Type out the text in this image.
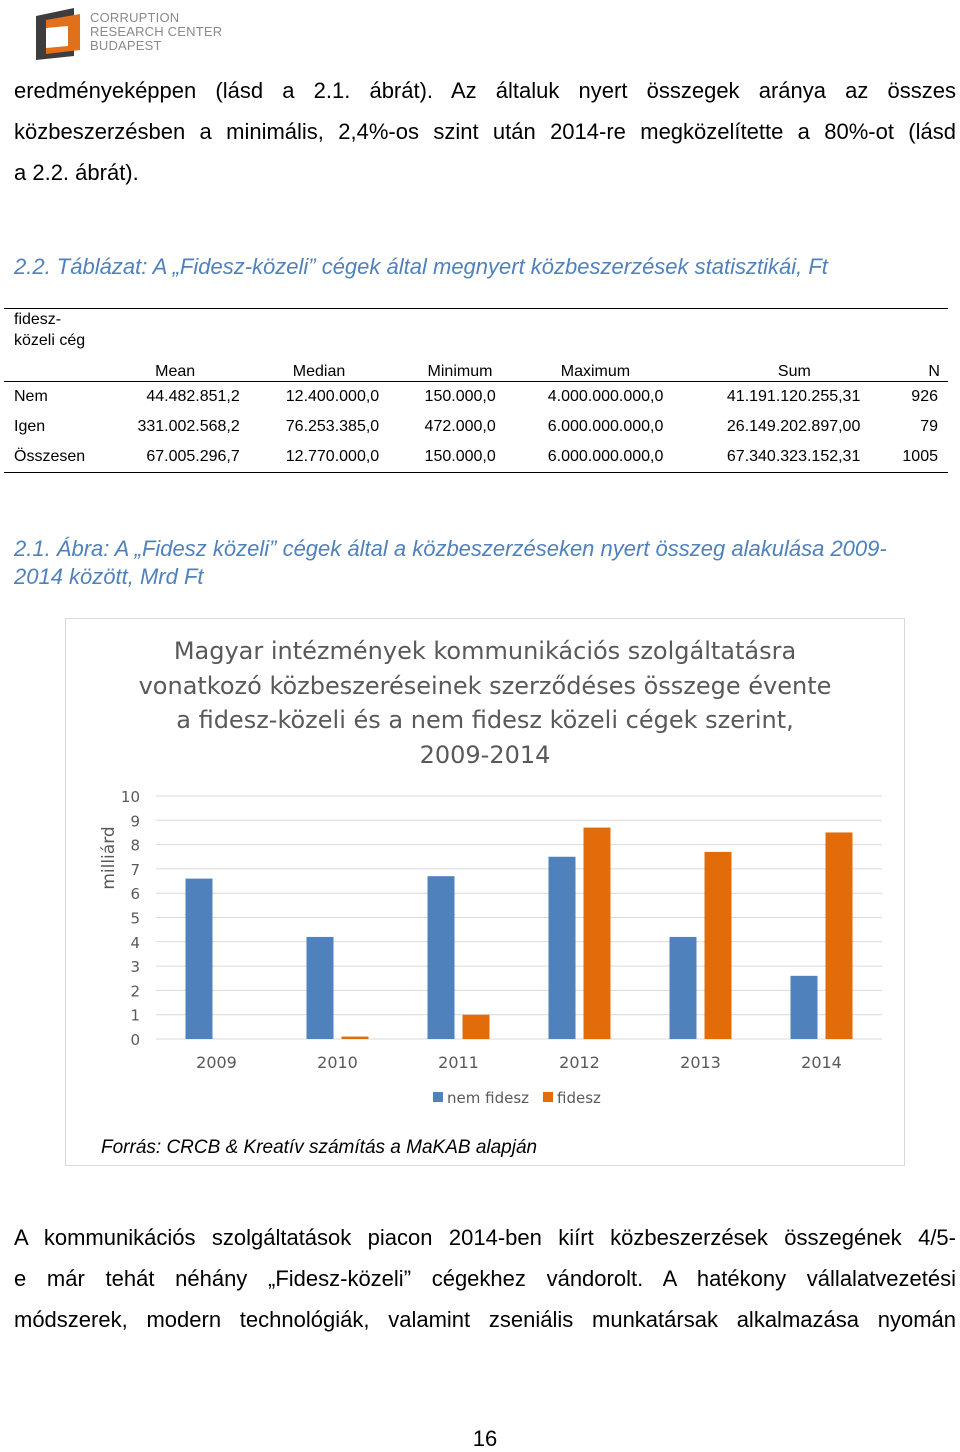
CORRUPTION
RESEARCH CENTER
BUDAPEST
eredményeképpen (lásd a 2.1. ábrát). Az általuk nyert összegek aránya az összes
közbeszerzésben a minimális, 2,4%-os szint után 2014-re megközelítette a 80%-ot (lásd
a 2.2. ábrát).
2.2. Táblázat: A „Fidesz-közeli” cégek által megnyert közbeszerzések statisztikái, Ft
fidesz-
közeli cég						

	Mean	Median	Minimum	Maximum	Sum	N
Nem	44.482.851,2	12.400.000,0	150.000,0	4.000.000.000,0	41.191.120.255,31	926
Igen	331.002.568,2	76.253.385,0	472.000,0	6.000.000.000,0	26.149.202.897,00	79
Összesen	67.005.296,7	12.770.000,0	150.000,0	6.000.000.000,0	67.340.323.152,31	1005
2.1. Ábra: A „Fidesz közeli” cégek által a közbeszerzéseken nyert összeg alakulása 2009-
2014 között, Mrd Ft
Magyar intézmények kommunikációs szolgáltatásra
vonatkozó közbeszeréseinek szerződéses összege évente
a fidesz-közeli és a nem fidesz közeli cégek szerint,
2009-2014
0
1
2
3
4
5
6
7
8
9
10
milliárd
2009	2010	2011	2012	2013	2014
nem fidesz fidesz
Forrás: CRCB & Kreatív számítás a MaKAB alapján
A kommunikációs szolgáltatások piacon 2014-ben kiírt közbeszerzések összegének 4/5-
e már tehát néhány „Fidesz-közeli” cégekhez vándorolt. A hatékony vállalatvezetési
módszerek, modern technológiák, valamint zseniális munkatársak alkalmazása nyomán
16
